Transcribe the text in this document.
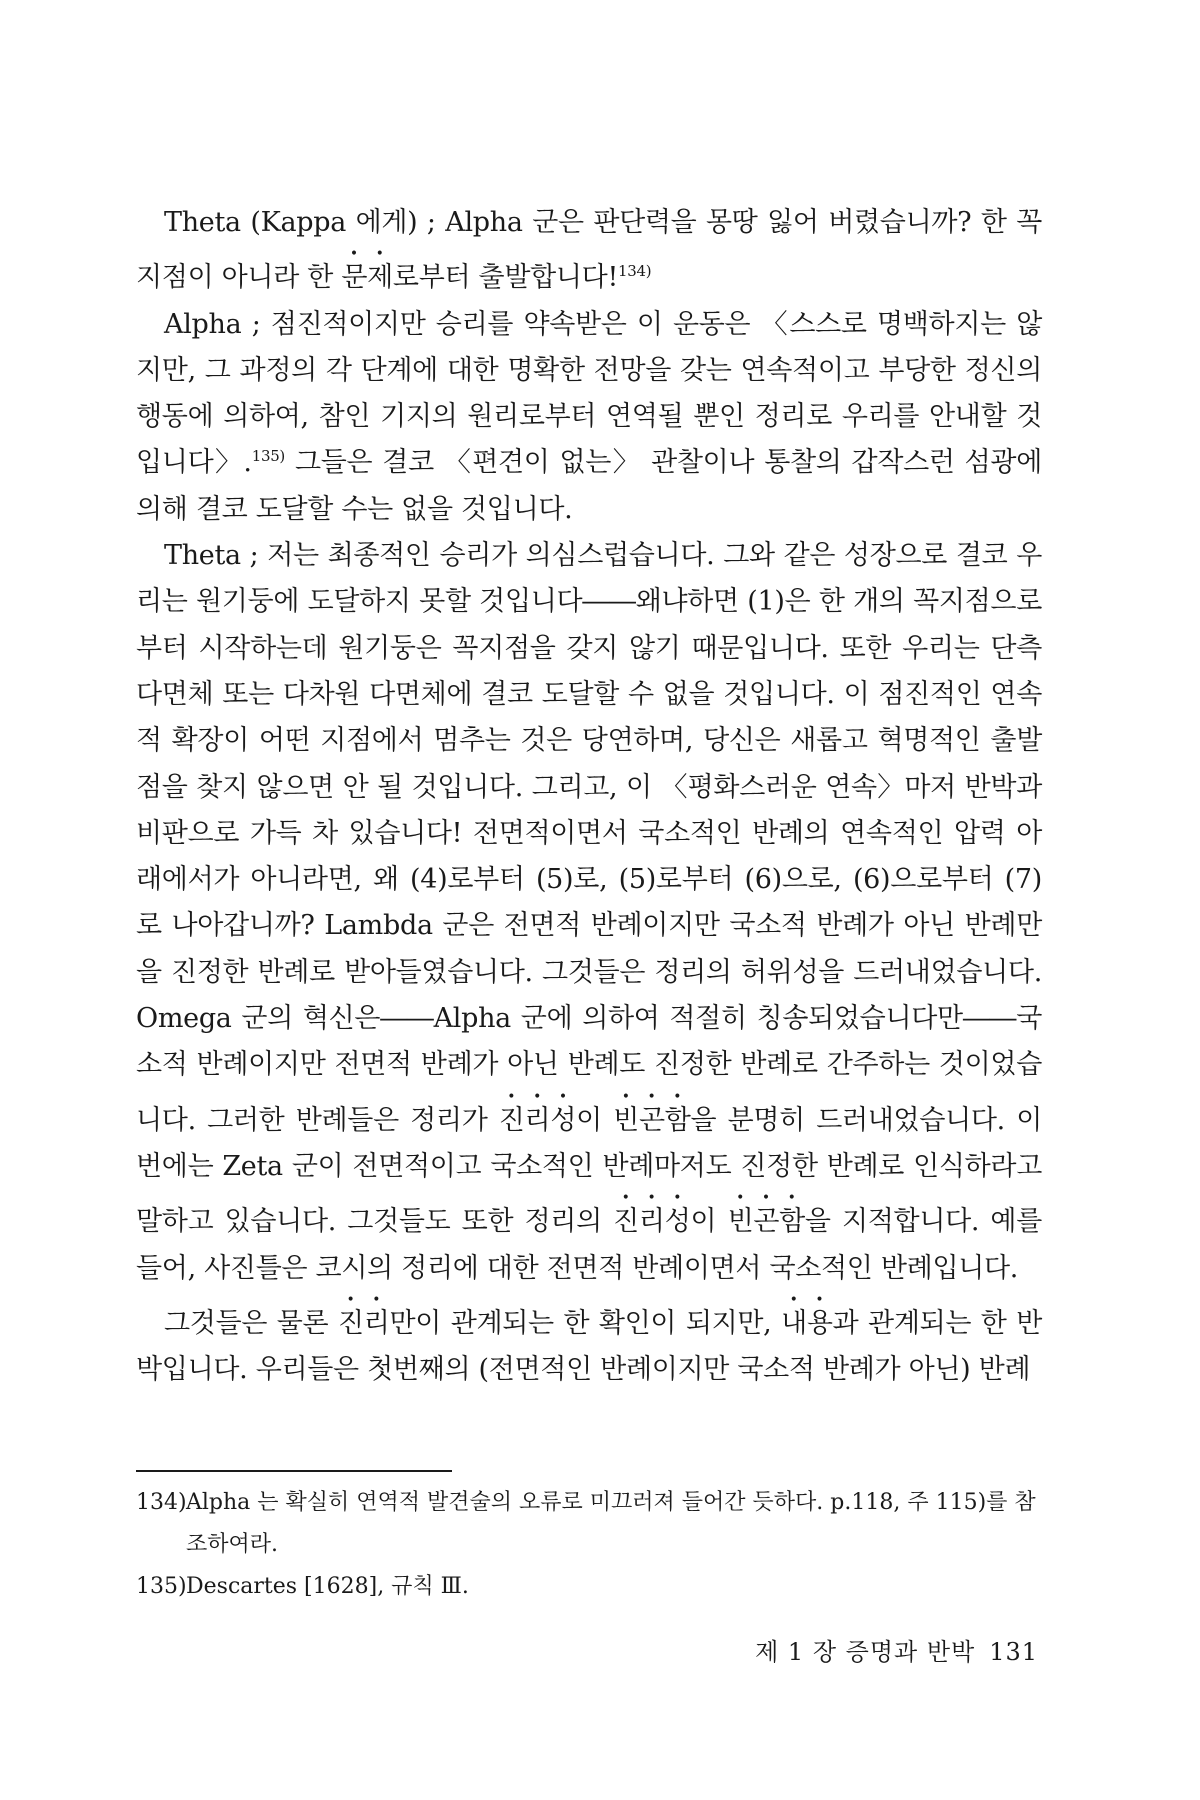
Theta (Kappa 에게) ; Alpha 군은 판단력을 몽땅 잃어 버렸습니까? 한 꼭지점이 아니라 한 문제로부터 출발합니다!$^{134)}$

Alpha ; 점진적이지만 승리를 약속받은 이 운동은 〈스스로 명백하지는 않지만, 그 과정의 각 단계에 대한 명확한 전망을 갖는 연속적이고 부당한 정신의 행동에 의하여, 참인 기지의 원리로부터 연역될 뿐인 정리로 우리를 안내할 것입니다〉.$^{135)}$ 그들은 결코 〈편견이 없는〉 관찰이나 통찰의 갑작스런 섬광에 의해 결코 도달할 수는 없을 것입니다.

Theta ; 저는 최종적인 승리가 의심스럽습니다. 그와 같은 성장으로 결코 우리는 원기둥에 도달하지 못할 것입니다――왜냐하면 (1)은 한 개의 꼭지점으로부터 시작하는데 원기둥은 꼭지점을 갖지 않기 때문입니다. 또한 우리는 단측 다면체 또는 다차원 다면체에 결코 도달할 수 없을 것입니다. 이 점진적인 연속적 확장이 어떤 지점에서 멈추는 것은 당연하며, 당신은 새롭고 혁명적인 출발점을 찾지 않으면 안 될 것입니다. 그리고, 이 〈평화스러운 연속〉마저 반박과 비판으로 가득 차 있습니다! 전면적이면서 국소적인 반례의 연속적인 압력 아래에서가 아니라면, 왜 (4)로부터 (5)로, (5)로부터 (6)으로, (6)으로부터 (7)로 나아갑니까? Lambda 군은 전면적 반례이지만 국소적 반례가 아닌 반례만을 진정한 반례로 받아들였습니다. 그것들은 정리의 허위성을 드러내었습니다. Omega 군의 혁신은――Alpha 군에 의하여 적절히 칭송되었습니다만――국소적 반례이지만 전면적 반례가 아닌 반례도 진정한 반례로 간주하는 것이었습니다. 그러한 반례들은 정리가 진리성이 빈곤함을 분명히 드러내었습니다. 이번에는 Zeta 군이 전면적이고 국소적인 반례마저도 진정한 반례로 인식하라고 말하고 있습니다. 그것들도 또한 정리의 진리성이 빈곤함을 지적합니다. 예를 들어, 사진틀은 코시의 정리에 대한 전면적 반례이면서 국소적인 반례입니다.

그것들은 물론 진리만이 관계되는 한 확인이 되지만, 내용과 관계되는 한 반박입니다. 우리들은 첫번째의 (전면적인 반례이지만 국소적 반례가 아닌) 반례

134) Alpha 는 확실히 연역적 발견술의 오류로 미끄러져 들어간 듯하다. p.118, 주 115)를 참조하여라.
135) Descartes [1628], 규칙 Ⅲ.
제 1 장 증명과 반박 131
